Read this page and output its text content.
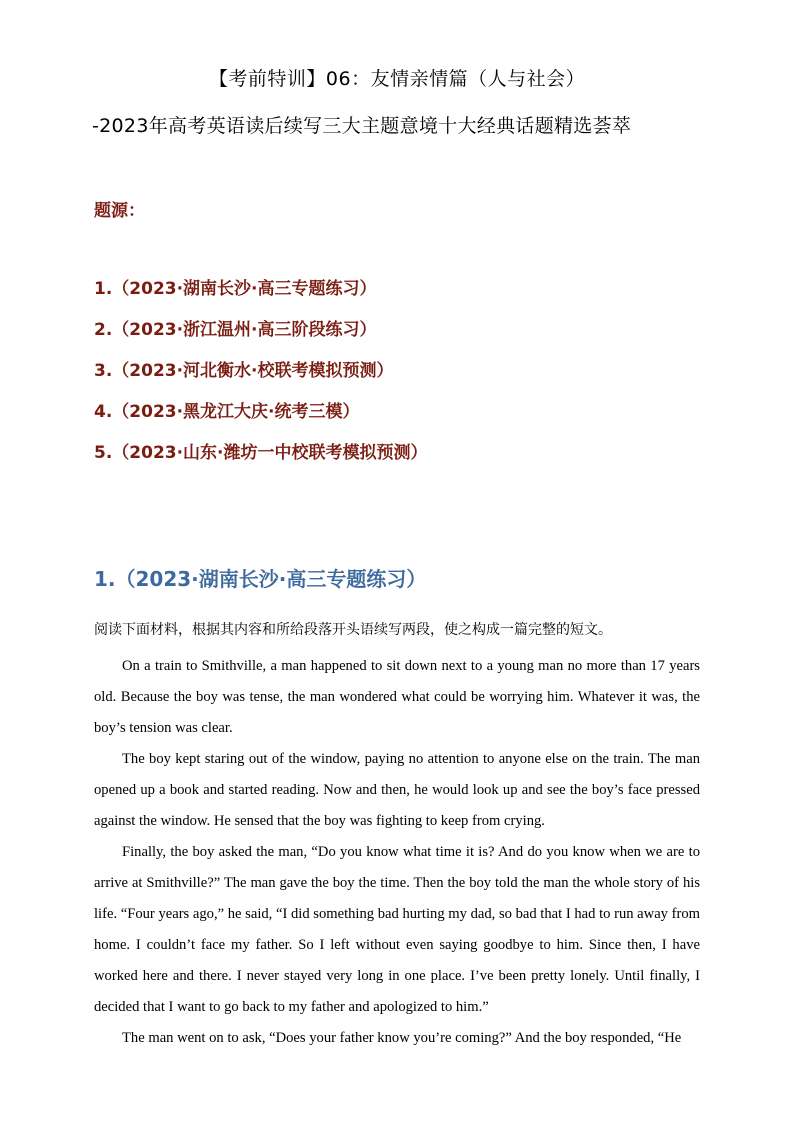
【考前特训】06：友情亲情篇（人与社会）
-2023年高考英语读后续写三大主题意境十大经典话题精选荟萃
题源：
1.（2023·湖南长沙·高三专题练习）
2.（2023·浙江温州·高三阶段练习）
3.（2023·河北衡水·校联考模拟预测）
4.（2023·黑龙江大庆·统考三模）
5.（2023·山东·潍坊一中校联考模拟预测）
1.（2023·湖南长沙·高三专题练习）
阅读下面材料，根据其内容和所给段落开头语续写两段，使之构成一篇完整的短文。

On a train to Smithville, a man happened to sit down next to a young man no more than 17 years old. Because the boy was tense, the man wondered what could be worrying him. Whatever it was, the boy’s tension was clear.

The boy kept staring out of the window, paying no attention to anyone else on the train. The man opened up a book and started reading. Now and then, he would look up and see the boy’s face pressed against the window. He sensed that the boy was fighting to keep from crying.

Finally, the boy asked the man, “Do you know what time it is? And do you know when we are to arrive at Smithville?” The man gave the boy the time. Then the boy told the man the whole story of his life. “Four years ago,” he said, “I did something bad hurting my dad, so bad that I had to run away from home. I couldn’t face my father. So I left without even saying goodbye to him. Since then, I have worked here and there. I never stayed very long in one place. I’ve been pretty lonely. Until finally, I decided that I want to go back to my father and apologized to him.”

The man went on to ask, “Does your father know you’re coming?” And the boy responded, “He
